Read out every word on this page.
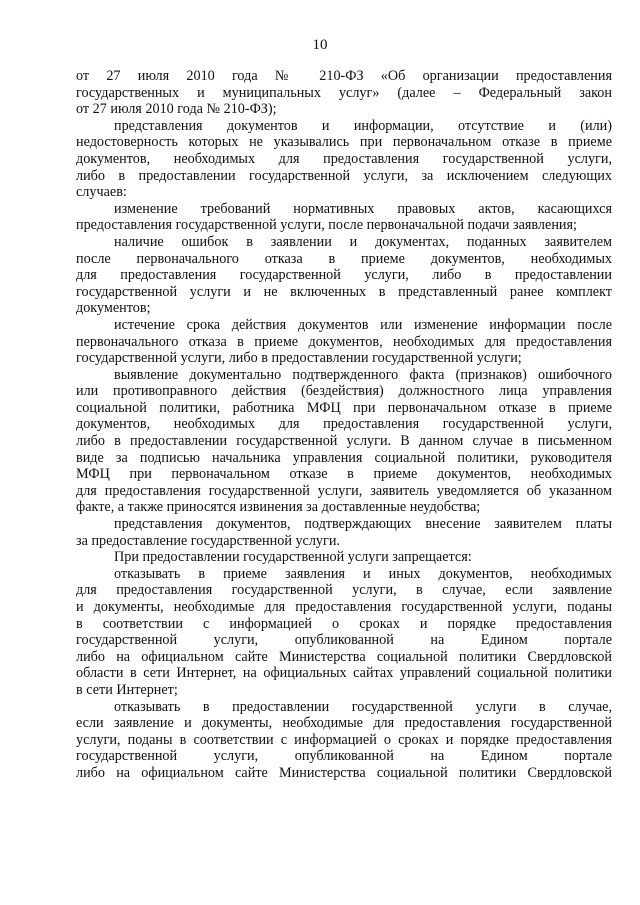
10
от 27 июля 2010 года № 210-ФЗ «Об организации предоставления
государственных и муниципальных услуг» (далее – Федеральный закон
от 27 июля 2010 года № 210-ФЗ);
представления документов и информации, отсутствие и (или)
недостоверность которых не указывались при первоначальном отказе в приеме
документов, необходимых для предоставления государственной услуги,
либо в предоставлении государственной услуги, за исключением следующих
случаев:
изменение требований нормативных правовых актов, касающихся
предоставления государственной услуги, после первоначальной подачи заявления;
наличие ошибок в заявлении и документах, поданных заявителем
после первоначального отказа в приеме документов, необходимых
для предоставления государственной услуги, либо в предоставлении
государственной услуги и не включенных в представленный ранее комплект
документов;
истечение срока действия документов или изменение информации после
первоначального отказа в приеме документов, необходимых для предоставления
государственной услуги, либо в предоставлении государственной услуги;
выявление документально подтвержденного факта (признаков) ошибочного
или противоправного действия (бездействия) должностного лица управления
социальной политики, работника МФЦ при первоначальном отказе в приеме
документов, необходимых для предоставления государственной услуги,
либо в предоставлении государственной услуги. В данном случае в письменном
виде за подписью начальника управления социальной политики, руководителя
МФЦ при первоначальном отказе в приеме документов, необходимых
для предоставления государственной услуги, заявитель уведомляется об указанном
факте, а также приносятся извинения за доставленные неудобства;
представления документов, подтверждающих внесение заявителем платы
за предоставление государственной услуги.
При предоставлении государственной услуги запрещается:
отказывать в приеме заявления и иных документов, необходимых
для предоставления государственной услуги, в случае, если заявление
и документы, необходимые для предоставления государственной услуги, поданы
в соответствии с информацией о сроках и порядке предоставления
государственной услуги, опубликованной на Едином портале
либо на официальном сайте Министерства социальной политики Свердловской
области в сети Интернет, на официальных сайтах управлений социальной политики
в сети Интернет;
отказывать в предоставлении государственной услуги в случае,
если заявление и документы, необходимые для предоставления государственной
услуги, поданы в соответствии с информацией о сроках и порядке предоставления
государственной услуги, опубликованной на Едином портале
либо на официальном сайте Министерства социальной политики Свердловской
